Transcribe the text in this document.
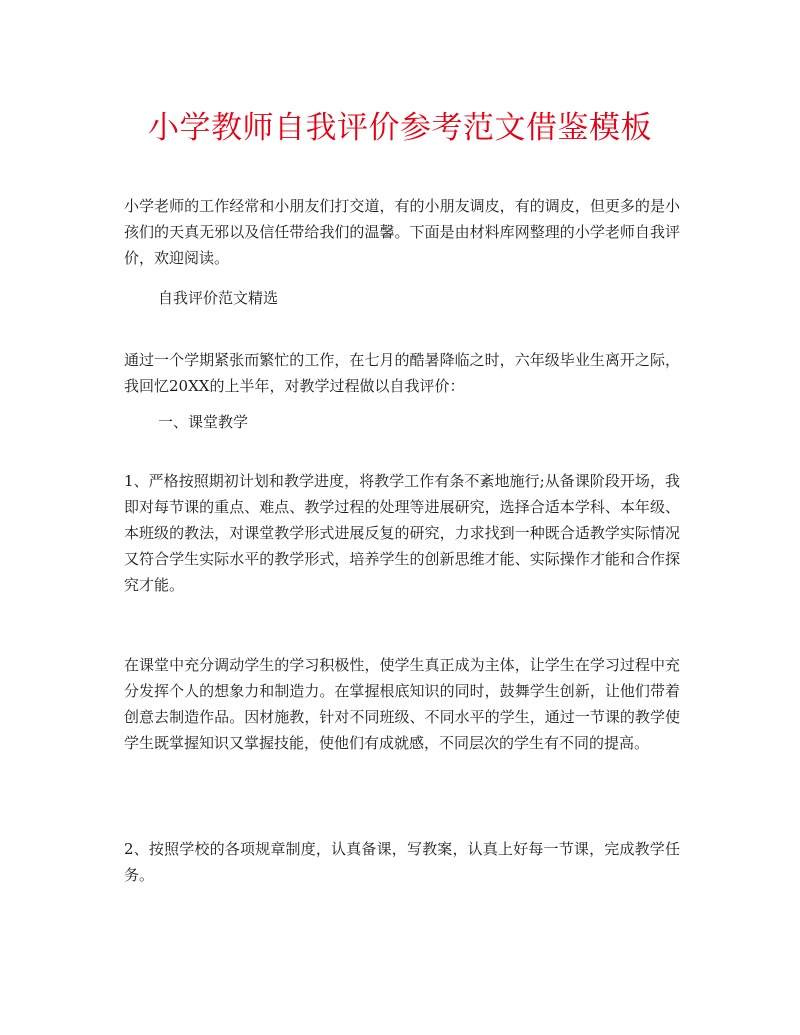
小学教师自我评价参考范文借鉴模板

小学老师的工作经常和小朋友们打交道，有的小朋友调皮，有的调皮，但更多的是小孩们的天真无邪以及信任带给我们的温馨。下面是由材料库网整理的小学老师自我评价，欢迎阅读。

自我评价范文精选

通过一个学期紧张而繁忙的工作，在七月的酷暑降临之时，六年级毕业生离开之际，我回忆20XX的上半年，对教学过程做以自我评价：

一、课堂教学

1、严格按照期初计划和教学进度，将教学工作有条不紊地施行;从备课阶段开场，我即对每节课的重点、难点、教学过程的处理等进展研究，选择合适本学科、本年级、本班级的教法，对课堂教学形式进展反复的研究，力求找到一种既合适教学实际情况又符合学生实际水平的教学形式，培养学生的创新思维才能、实际操作才能和合作探究才能。

在课堂中充分调动学生的学习积极性，使学生真正成为主体，让学生在学习过程中充分发挥个人的想象力和制造力。在掌握根底知识的同时，鼓舞学生创新，让他们带着创意去制造作品。因材施教，针对不同班级、不同水平的学生，通过一节课的教学使学生既掌握知识又掌握技能，使他们有成就感，不同层次的学生有不同的提高。

2、按照学校的各项规章制度，认真备课，写教案，认真上好每一节课，完成教学任务。
